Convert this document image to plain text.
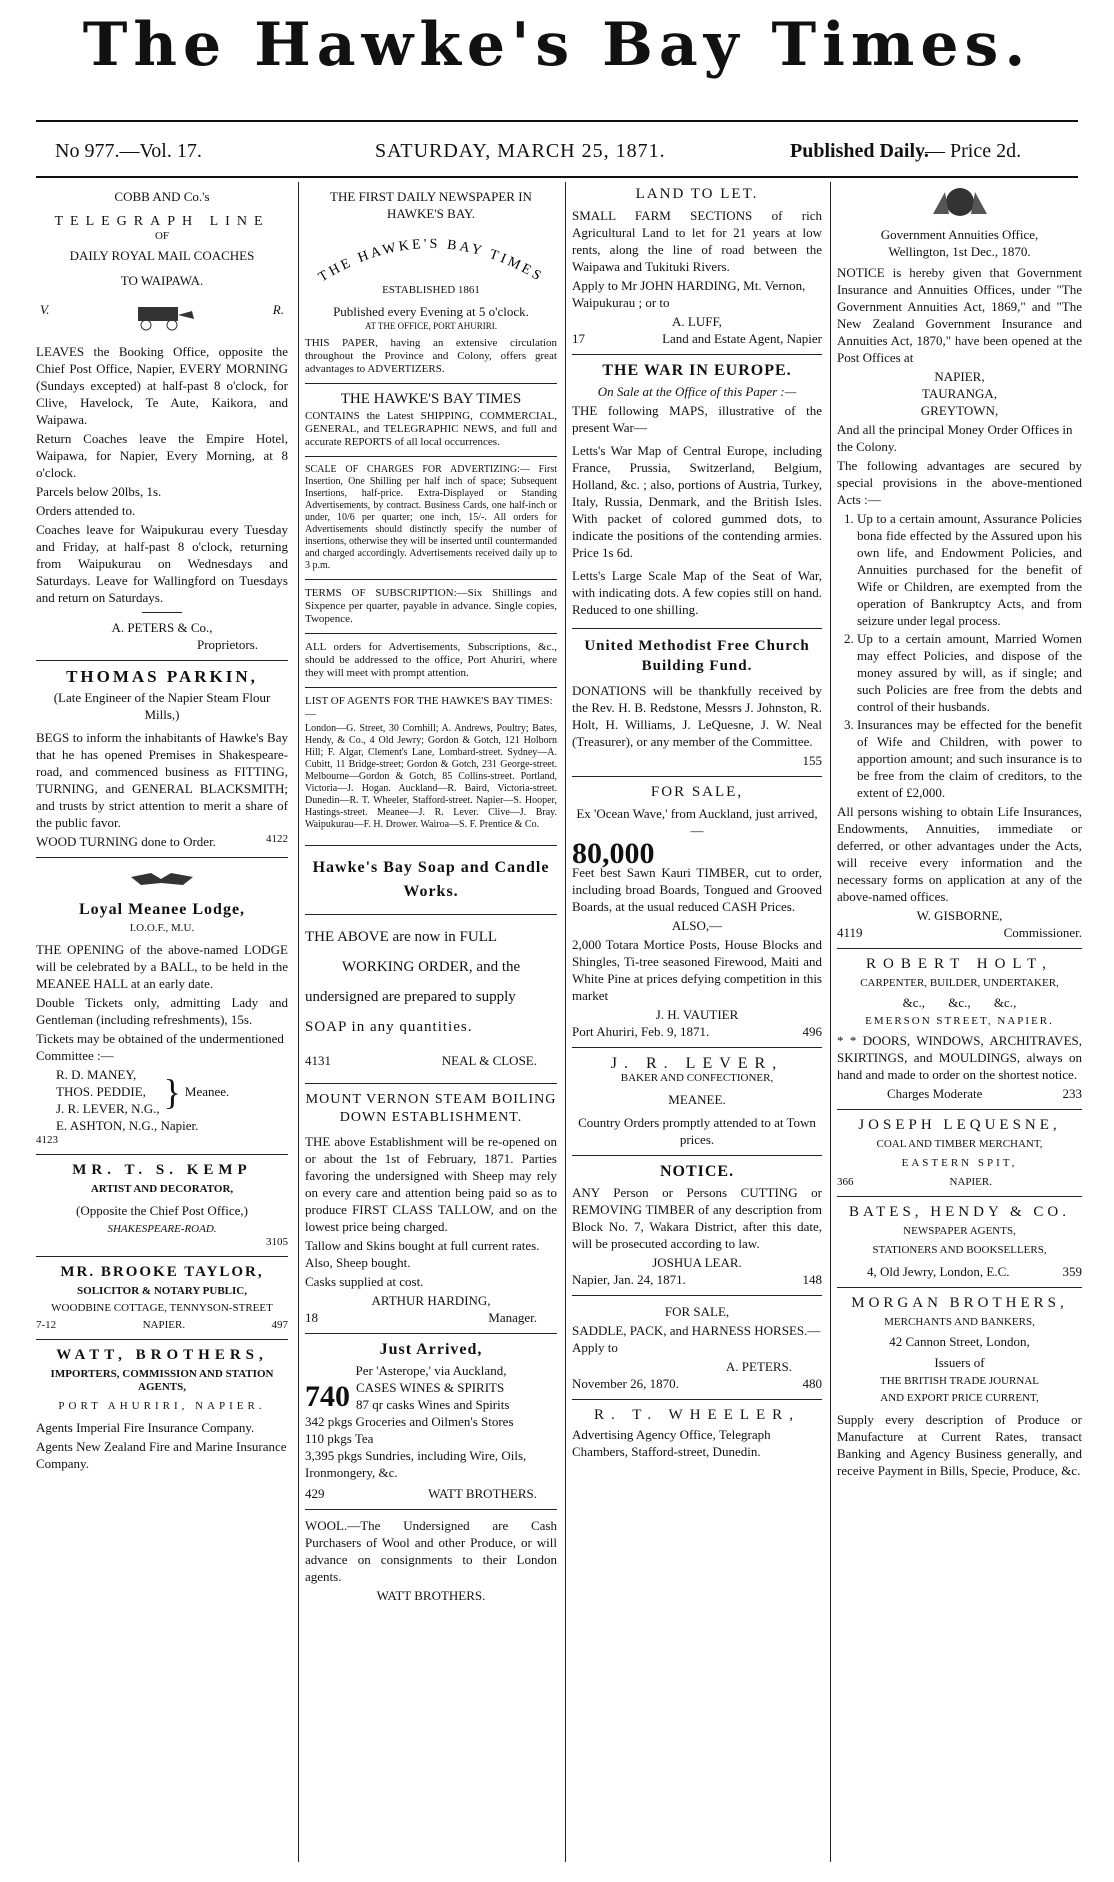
The Hawke's Bay Times.
No 977.—Vol. 17.	SATURDAY, MARCH 25, 1871.	Published Daily.
— Price 2d.
COBB AND Co.'s
TELEGRAPH LINE
OF
DAILY ROYAL MAIL COACHES
TO WAIPAWA.
V.	R.

LEAVES the Booking Office, opposite the Chief Post Office, Napier, EVERY MORNING (Sundays excepted) at half-past 8 o'clock, for Clive, Havelock, Te Aute, Kaikora, and Waipawa.

Return Coaches leave the Empire Hotel, Waipawa, for Napier, Every Morning, at 8 o'clock.

Parcels below 20lbs, 1s.

Orders attended to.

Coaches leave for Waipukurau every Tuesday and Friday, at half-past 8 o'clock, returning from Waipukurau on Wednesdays and Saturdays. Leave for Wallingford on Tuesdays and return on Saturdays.

A. PETERS & Co.,
Proprietors.
THOMAS PARKIN,
(Late Engineer of the Napier Steam Flour Mills,)

BEGS to inform the inhabitants of Hawke's Bay that he has opened Premises in Shakespeare-road, and commenced business as FITTING, TURNING, and GENERAL BLACKSMITH; and trusts by strict attention to merit a share of the public favor.

WOOD TURNING done to Order.	4122
Loyal Meanee Lodge,
I.O.O.F., M.U.

THE OPENING of the above-named LODGE will be celebrated by a BALL, to be held in the MEANEE HALL at an early date.

Double Tickets only, admitting Lady and Gentleman (including refreshments), 15s.

Tickets may be obtained of the undermentioned Committee :—

R. D. MANEY,
THOS. PEDDIE,
J. R. LEVER, N.G., } Meanee.
E. ASHTON, N.G., Napier.
4123
MR. T. S. KEMP
ARTIST AND DECORATOR,
(Opposite the Chief Post Office,)
SHAKESPEARE-ROAD.
3105
MR. BROOKE TAYLOR,
SOLICITOR & NOTARY PUBLIC,
WOODBINE COTTAGE, TENNYSON-STREET
7-12	NAPIER.	497
WATT, BROTHERS,
IMPORTERS, COMMISSION AND STATION AGENTS,
PORT AHURIRI, NAPIER.

Agents Imperial Fire Insurance Company.

Agents New Zealand Fire and Marine Insurance Company.

THE FIRST DAILY NEWSPAPER IN HAWKE'S BAY.
THE HAWKE'S BAY TIMES
ESTABLISHED 1861
Published every Evening at 5 o'clock.
AT THE OFFICE, PORT AHURIRI.

THIS PAPER, having an extensive circulation throughout the Province and Colony, offers great advantages to ADVERTIZERS.

THE HAWKE'S BAY TIMES

CONTAINS the Latest SHIPPING, COMMERCIAL, GENERAL, and TELEGRAPHIC NEWS, and full and accurate REPORTS of all local occurrences.

SCALE OF CHARGES FOR ADVERTIZING:— First Insertion, One Shilling per half inch of space; Subsequent Insertions, half-price. Extra-Displayed or Standing Advertisements, by contract. Business Cards, one half-inch or under, 10/6 per quarter; one inch, 15/-. All orders for Advertisements should distinctly specify the number of insertions, otherwise they will be inserted until countermanded and charged accordingly. Advertisements received daily up to 3 p.m.

TERMS OF SUBSCRIPTION:—Six Shillings and Sixpence per quarter, payable in advance. Single copies, Twopence.

ALL orders for Advertisements, Subscriptions, &c., should be addressed to the office, Port Ahuriri, where they will meet with prompt attention.

LIST OF AGENTS FOR THE HAWKE'S BAY TIMES:—

London—G. Street, 30 Cornhill; A. Andrews, Poultry; Bates, Hendy, & Co., 4 Old Jewry; Gordon & Gotch, 121 Holborn Hill; F. Algar, Clement's Lane, Lombard-street. Sydney—A. Cubitt, 11 Bridge-street; Gordon & Gotch, 231 George-street. Melbourne—Gordon & Gotch, 85 Collins-street. Portland, Victoria—J. Hogan. Auckland—R. Baird, Victoria-street. Dunedin—R. T. Wheeler, Stafford-street. Napier—S. Hooper, Hastings-street. Meanee—J. R. Lever. Clive—J. Bray. Waipukurau—F. H. Drower. Wairoa—S. F. Prentice & Co.

Hawke's Bay Soap and Candle Works.
THE ABOVE are now in FULL
WORKING ORDER, and the
undersigned are prepared to supply
SOAP in any quantities.
4131	NEAL & CLOSE.
MOUNT VERNON STEAM BOILING DOWN ESTABLISHMENT.

THE above Establishment will be re-opened on or about the 1st of February, 1871. Parties favoring the undersigned with Sheep may rely on every care and attention being paid so as to produce FIRST CLASS TALLOW, and on the lowest price being charged.

Tallow and Skins bought at full current rates. Also, Sheep bought.

Casks supplied at cost.

ARTHUR HARDING,
18	Manager.
Just Arrived,
Per 'Asterope,' via Auckland,
740 CASES WINES & SPIRITS
87 qr casks Wines and Spirits
342 pkgs Groceries and Oilmen's Stores
110 pkgs Tea
3,395 pkgs Sundries, including Wire, Oils, Ironmongery, &c.
429	WATT BROTHERS.

WOOL.—The Undersigned are Cash Purchasers of Wool and other Produce, or will advance on consignments to their London agents.

WATT BROTHERS.
LAND TO LET.

SMALL FARM SECTIONS of rich Agricultural Land to let for 21 years at low rents, along the line of road between the Waipawa and Tukituki Rivers.

Apply to Mr JOHN HARDING, Mt. Vernon, Waipukurau ; or to

A. LUFF,
17	Land and Estate Agent, Napier
THE WAR IN EUROPE.
On Sale at the Office of this Paper :—

THE following MAPS, illustrative of the present War—

Letts's War Map of Central Europe, including France, Prussia, Switzerland, Belgium, Holland, &c. ; also, portions of Austria, Turkey, Italy, Russia, Denmark, and the British Isles. With packet of colored gummed dots, to indicate the positions of the contending armies. Price 1s 6d.

Letts's Large Scale Map of the Seat of War, with indicating dots. A few copies still on hand. Reduced to one shilling.

United Methodist Free Church Building Fund.

DONATIONS will be thankfully received by the Rev. H. B. Redstone, Messrs J. Johnston, R. Holt, H. Williams, J. LeQuesne, J. W. Neal (Treasurer), or any member of the Committee.

155
FOR SALE,
Ex 'Ocean Wave,' from Auckland, just arrived,—
80,000

Feet best Sawn Kauri TIMBER, cut to order, including broad Boards, Tongued and Grooved Boards, at the usual reduced CASH Prices.

ALSO,—

2,000 Totara Mortice Posts, House Blocks and Shingles, Ti-tree seasoned Firewood, Maiti and White Pine at prices defying competition in this market

J. H. VAUTIER
Port Ahuriri, Feb. 9, 1871.	496
J. R. LEVER,
BAKER AND CONFECTIONER,
MEANEE.

Country Orders promptly attended to at Town prices.

NOTICE.

ANY Person or Persons CUTTING or REMOVING TIMBER of any description from Block No. 7, Wakara District, after this date, will be prosecuted according to law.

JOSHUA LEAR.
Napier, Jan. 24, 1871.	148
FOR SALE,

SADDLE, PACK, and HARNESS HORSES.—Apply to

A. PETERS.
November 26, 1870.	480
R. T. WHEELER,

Advertising Agency Office, Telegraph Chambers, Stafford-street, Dunedin.

Government Annuities Office,
Wellington, 1st Dec., 1870.

NOTICE is hereby given that Government Insurance and Annuities Offices, under "The Government Annuities Act, 1869," and "The New Zealand Government Insurance and Annuities Act, 1870," have been opened at the Post Offices at

NAPIER,
TAURANGA,
GREYTOWN,

And all the principal Money Order Offices in the Colony.

The following advantages are secured by special provisions in the above-mentioned Acts :—

1. Up to a certain amount, Assurance Policies bona fide effected by the Assured upon his own life, and Endowment Policies, and Annuities purchased for the benefit of Wife or Children, are exempted from the operation of Bankruptcy Acts, and from seizure under legal process.
2. Up to a certain amount, Married Women may effect Policies, and dispose of the money assured by will, as if single; and such Policies are free from the debts and control of their husbands.
3. Insurances may be effected for the benefit of Wife and Children, with power to apportion amount; and such insurance is to be free from the claim of creditors, to the extent of £2,000.

All persons wishing to obtain Life Insurances, Endowments, Annuities, immediate or deferred, or other advantages under the Acts, will receive every information and the necessary forms on application at any of the above-named offices.

W. GISBORNE,
4119	Commissioner.
ROBERT HOLT,
CARPENTER, BUILDER, UNDERTAKER,
&c., &c., &c.,
EMERSON STREET, NAPIER.

* * DOORS, WINDOWS, ARCHITRAVES, SKIRTINGS, and MOULDINGS, always on hand and made to order on the shortest notice.

Charges Moderate	233
JOSEPH LEQUESNE,
COAL AND TIMBER MERCHANT,
EASTERN SPIT,
366	NAPIER.
BATES, HENDY & CO.
NEWSPAPER AGENTS,
STATIONERS AND BOOKSELLERS,
4, Old Jewry, London, E.C.	359
MORGAN BROTHERS,
MERCHANTS AND BANKERS,
42 Cannon Street, London,
Issuers of
THE BRITISH TRADE JOURNAL
AND EXPORT PRICE CURRENT,

Supply every description of Produce or Manufacture at Current Rates, transact Banking and Agency Business generally, and receive Payment in Bills, Specie, Produce, &c.
